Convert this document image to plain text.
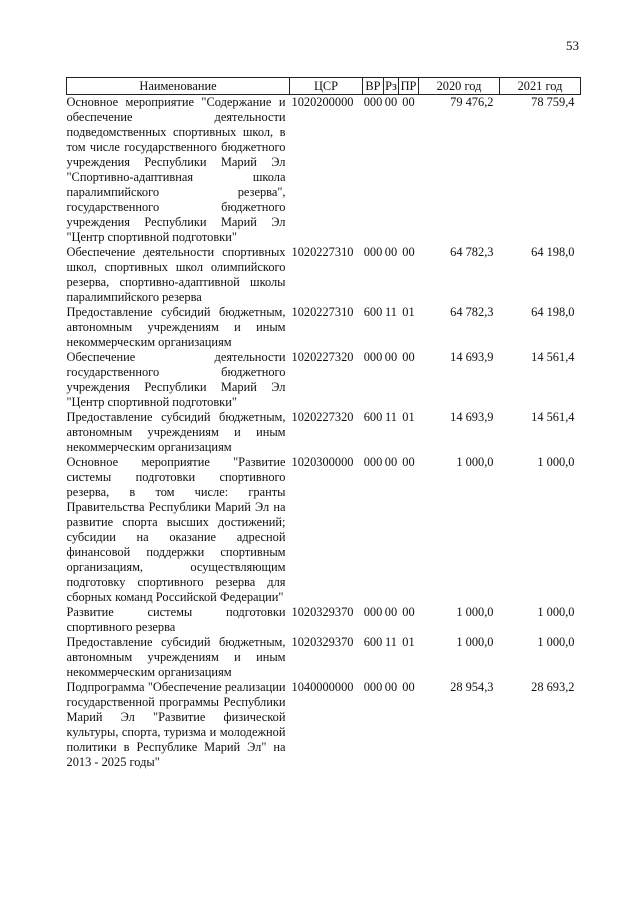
53
Наименование	ЦСР	ВР	Рз	ПР	2020 год	2021 год
Основное мероприятие "Содержание и обеспечение деятельности подведомственных спортивных школ, в том числе государственного бюджетного учреждения Республики Марий Эл "Спортивно-адаптивная школа паралимпийского резерва", государственного бюджетного учреждения Республики Марий Эл "Центр спортивной подготовки"	1020200000	000	00	00	79 476,2	78 759,4
Обеспечение деятельности спортивных школ, спортивных школ олимпийского резерва, спортивно-адаптивной школы паралимпийского резерва	1020227310	000	00	00	64 782,3	64 198,0
Предоставление субсидий бюджетным, автономным учреждениям и иным некоммерческим организациям	1020227310	600	11	01	64 782,3	64 198,0
Обеспечение деятельности государственного бюджетного учреждения Республики Марий Эл "Центр спортивной подготовки"	1020227320	000	00	00	14 693,9	14 561,4
Предоставление субсидий бюджетным, автономным учреждениям и иным некоммерческим организациям	1020227320	600	11	01	14 693,9	14 561,4
Основное мероприятие "Развитие системы подготовки спортивного резерва, в том числе: гранты Правительства Республики Марий Эл на развитие спорта высших достижений; субсидии на оказание адресной финансовой поддержки спортивным организациям, осуществляющим подготовку спортивного резерва для сборных команд Российской Федерации"	1020300000	000	00	00	1 000,0	1 000,0
Развитие системы подготовки спортивного резерва	1020329370	000	00	00	1 000,0	1 000,0
Предоставление субсидий бюджетным, автономным учреждениям и иным некоммерческим организациям	1020329370	600	11	01	1 000,0	1 000,0
Подпрограмма "Обеспечение реализации государственной программы Республики Марий Эл "Развитие физической культуры, спорта, туризма и молодежной политики в Республике Марий Эл" на 2013 - 2025 годы"	1040000000	000	00	00	28 954,3	28 693,2
